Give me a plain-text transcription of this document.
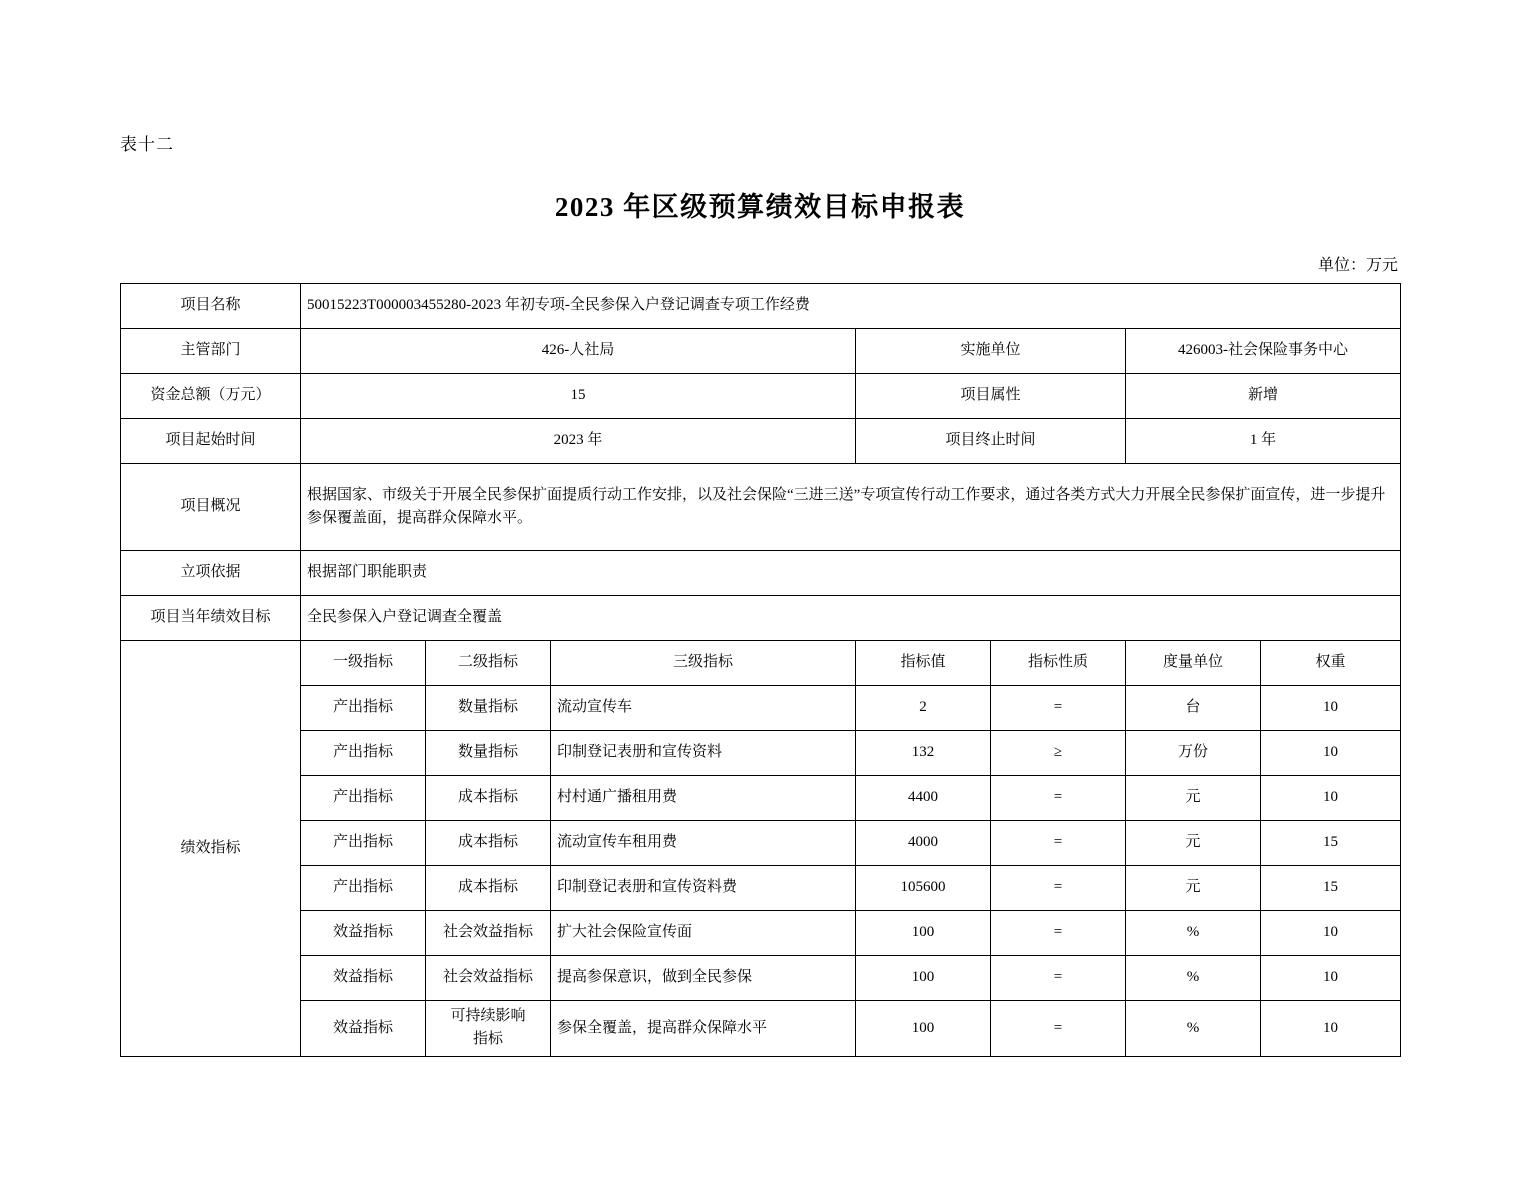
表十二
2023 年区级预算绩效目标申报表
单位：万元
项目名称	50015223T000003455280-2023 年初专项-全民参保入户登记调查专项工作经费						
主管部门	426-人社局			实施单位		426003-社会保险事务中心	
资金总额（万元）	15			项目属性		新增	
项目起始时间	2023 年			项目终止时间		1 年	
项目概况	根据国家、市级关于开展全民参保扩面提质行动工作安排，以及社会保险“三进三送”专项宣传行动工作要求，通过各类方式大力开展全民参保扩面宣传，进一步提升参保覆盖面，提高群众保障水平。						
立项依据	根据部门职能职责						
项目当年绩效目标	全民参保入户登记调查全覆盖						
绩效指标	一级指标	二级指标	三级指标	指标值	指标性质	度量单位	权重
	产出指标	数量指标	流动宣传车	2	=	台	10
	产出指标	数量指标	印制登记表册和宣传资料	132	≥	万份	10
	产出指标	成本指标	村村通广播租用费	4400	=	元	10
	产出指标	成本指标	流动宣传车租用费	4000	=	元	15
	产出指标	成本指标	印制登记表册和宣传资料费	105600	=	元	15
	效益指标	社会效益指标	扩大社会保险宣传面	100	=	%	10
	效益指标	社会效益指标	提高参保意识，做到全民参保	100	=	%	10
	效益指标	可持续影响指标	参保全覆盖，提高群众保障水平	100	=	%	10
